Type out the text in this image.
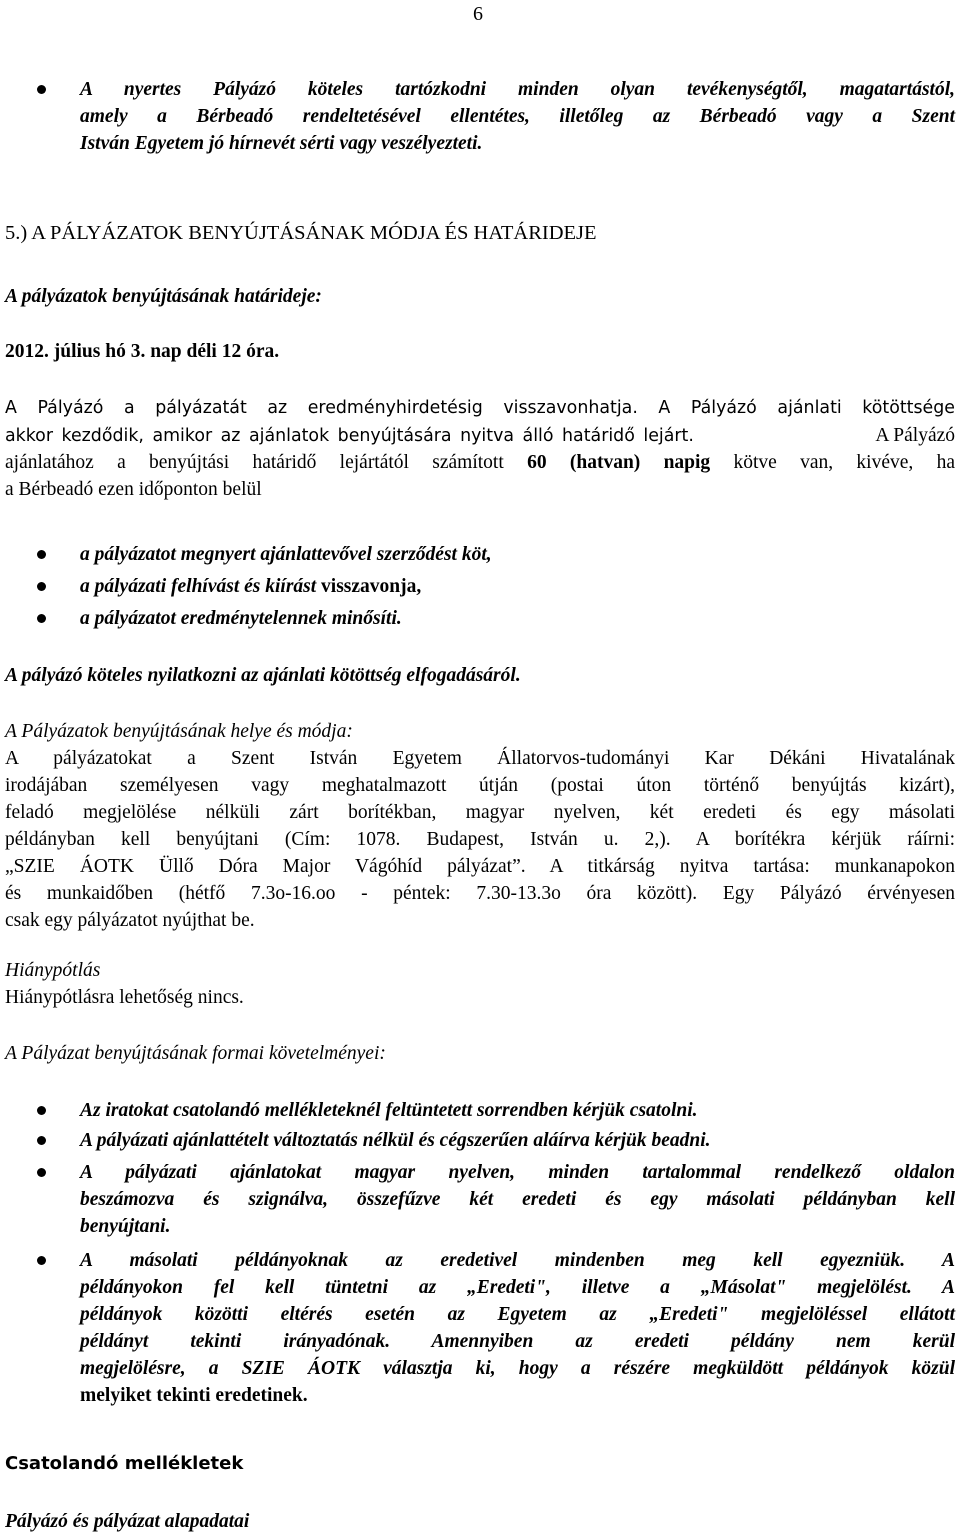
6
A nyertes Pályázó köteles tartózkodni minden olyan tevékenységtől, magatartástól,
amely a Bérbeadó rendeltetésével ellentétes, illetőleg az Bérbeadó vagy a Szent
István Egyetem jó hírnevét sérti vagy veszélyezteti.
5.) A PÁLYÁZATOK BENYÚJTÁSÁNAK MÓDJA ÉS HATÁRIDEJE
A pályázatok benyújtásának határideje:
2012. július hó 3. nap déli 12 óra.
A Pályázó a pályázatát az eredményhirdetésig visszavonhatja. A Pályázó ajánlati kötöttsége
akkor kezdődik, amikor az ajánlatok benyújtására nyitva álló határidő lejárt.	A Pályázó
ajánlatához a benyújtási határidő lejártától számított 60 (hatvan) napig kötve van, kivéve, ha
a Bérbeadó ezen időponton belül
a pályázatot megnyert ajánlattevővel szerződést köt,
a pályázati felhívást és kiírást visszavonja,
a pályázatot eredménytelennek minősíti.
A pályázó köteles nyilatkozni az ajánlati kötöttség elfogadásáról.
A Pályázatok benyújtásának helye és módja:
A pályázatokat a Szent István Egyetem Állatorvos-tudományi Kar Dékáni Hivatalának
irodájában személyesen vagy meghatalmazott útján (postai úton történő benyújtás kizárt),
feladó megjelölése nélküli zárt borítékban, magyar nyelven, két eredeti és egy másolati
példányban kell benyújtani (Cím: 1078. Budapest, István u. 2,). A borítékra kérjük ráírni:
„SZIE ÁOTK Üllő Dóra Major Vágóhíd pályázat”. A titkárság nyitva tartása: munkanapokon
és munkaidőben (hétfő 7.3o-16.oo - péntek: 7.30-13.3o óra között). Egy Pályázó érvényesen
csak egy pályázatot nyújthat be.
Hiánypótlás
Hiánypótlásra lehetőség nincs.
A Pályázat benyújtásának formai követelményei:
Az iratokat csatolandó mellékleteknél feltüntetett sorrendben kérjük csatolni.
A pályázati ajánlattételt változtatás nélkül és cégszerűen aláírva kérjük beadni.
A pályázati ajánlatokat magyar nyelven, minden tartalommal rendelkező oldalon
beszámozva és szignálva, összefűzve két eredeti és egy másolati példányban kell
benyújtani.
A másolati példányoknak az eredetivel mindenben meg kell egyezniük. A
példányokon fel kell tüntetni az „Eredeti", illetve a „Másolat" megjelölést. A
példányok közötti eltérés esetén az Egyetem az „Eredeti" megjelöléssel ellátott
példányt tekinti irányadónak. Amennyiben az eredeti példány nem kerül
megjelölésre, a SZIE ÁOTK választja ki, hogy a részére megküldött példányok közül
melyiket tekinti eredetinek.
Csatolandó mellékletek
Pályázó és pályázat alapadatai
